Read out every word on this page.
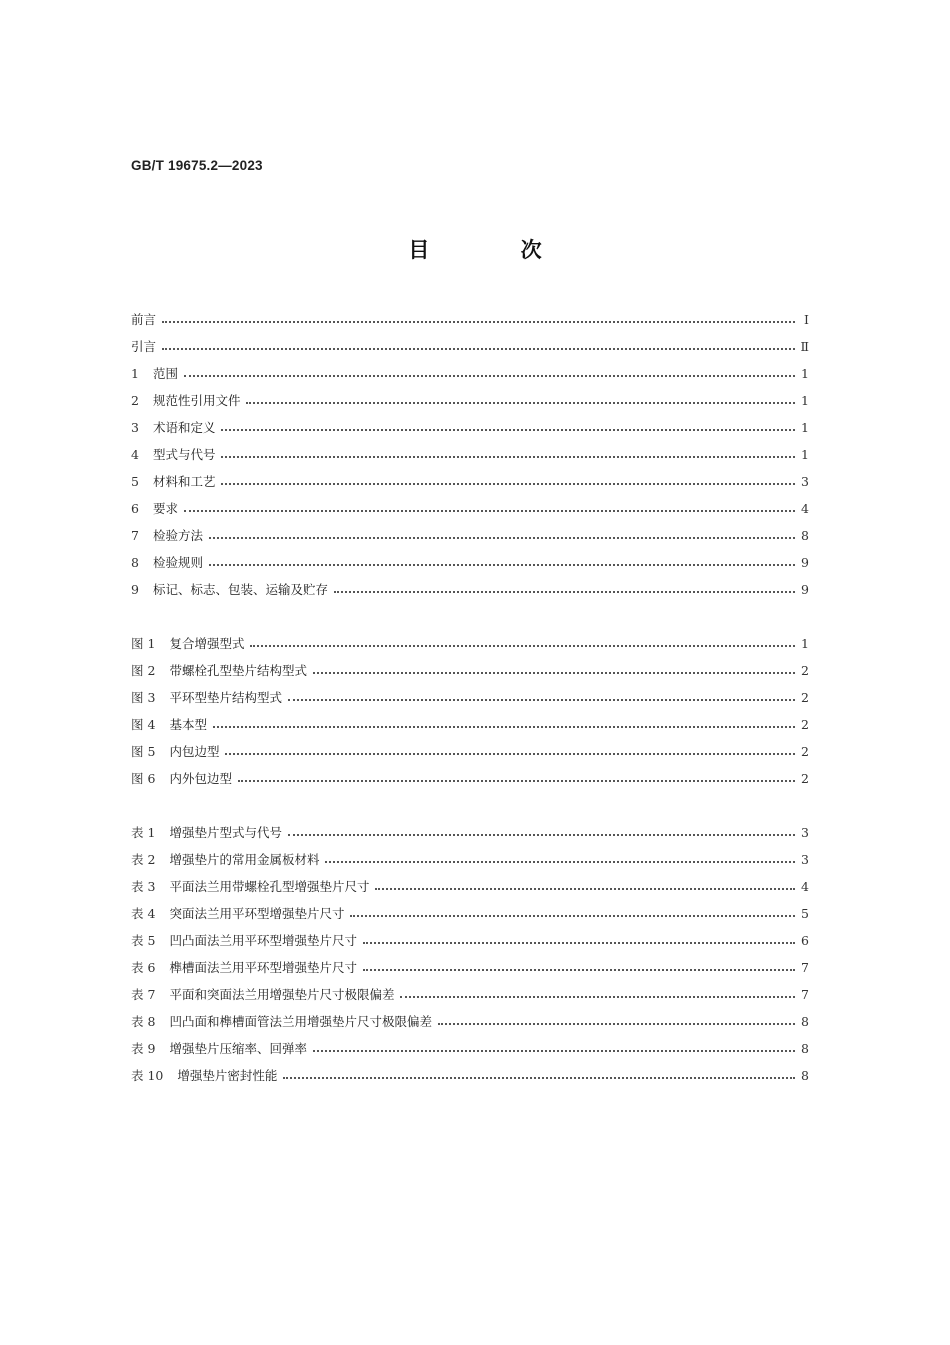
GB/T 19675.2—2023
目 次
前言	Ⅰ
引言	Ⅱ
1 范围	1
2 规范性引用文件	1
3 术语和定义	1
4 型式与代号	1
5 材料和工艺	3
6 要求	4
7 检验方法	8
8 检验规则	9
9 标记、标志、包装、运输及贮存	9
图 1 复合增强型式	1
图 2 带螺栓孔型垫片结构型式	2
图 3 平环型垫片结构型式	2
图 4 基本型	2
图 5 内包边型	2
图 6 内外包边型	2
表 1 增强垫片型式与代号	3
表 2 增强垫片的常用金属板材料	3
表 3 平面法兰用带螺栓孔型增强垫片尺寸	4
表 4 突面法兰用平环型增强垫片尺寸	5
表 5 凹凸面法兰用平环型增强垫片尺寸	6
表 6 榫槽面法兰用平环型增强垫片尺寸	7
表 7 平面和突面法兰用增强垫片尺寸极限偏差	7
表 8 凹凸面和榫槽面管法兰用增强垫片尺寸极限偏差	8
表 9 增强垫片压缩率、回弹率	8
表 10 增强垫片密封性能	8
